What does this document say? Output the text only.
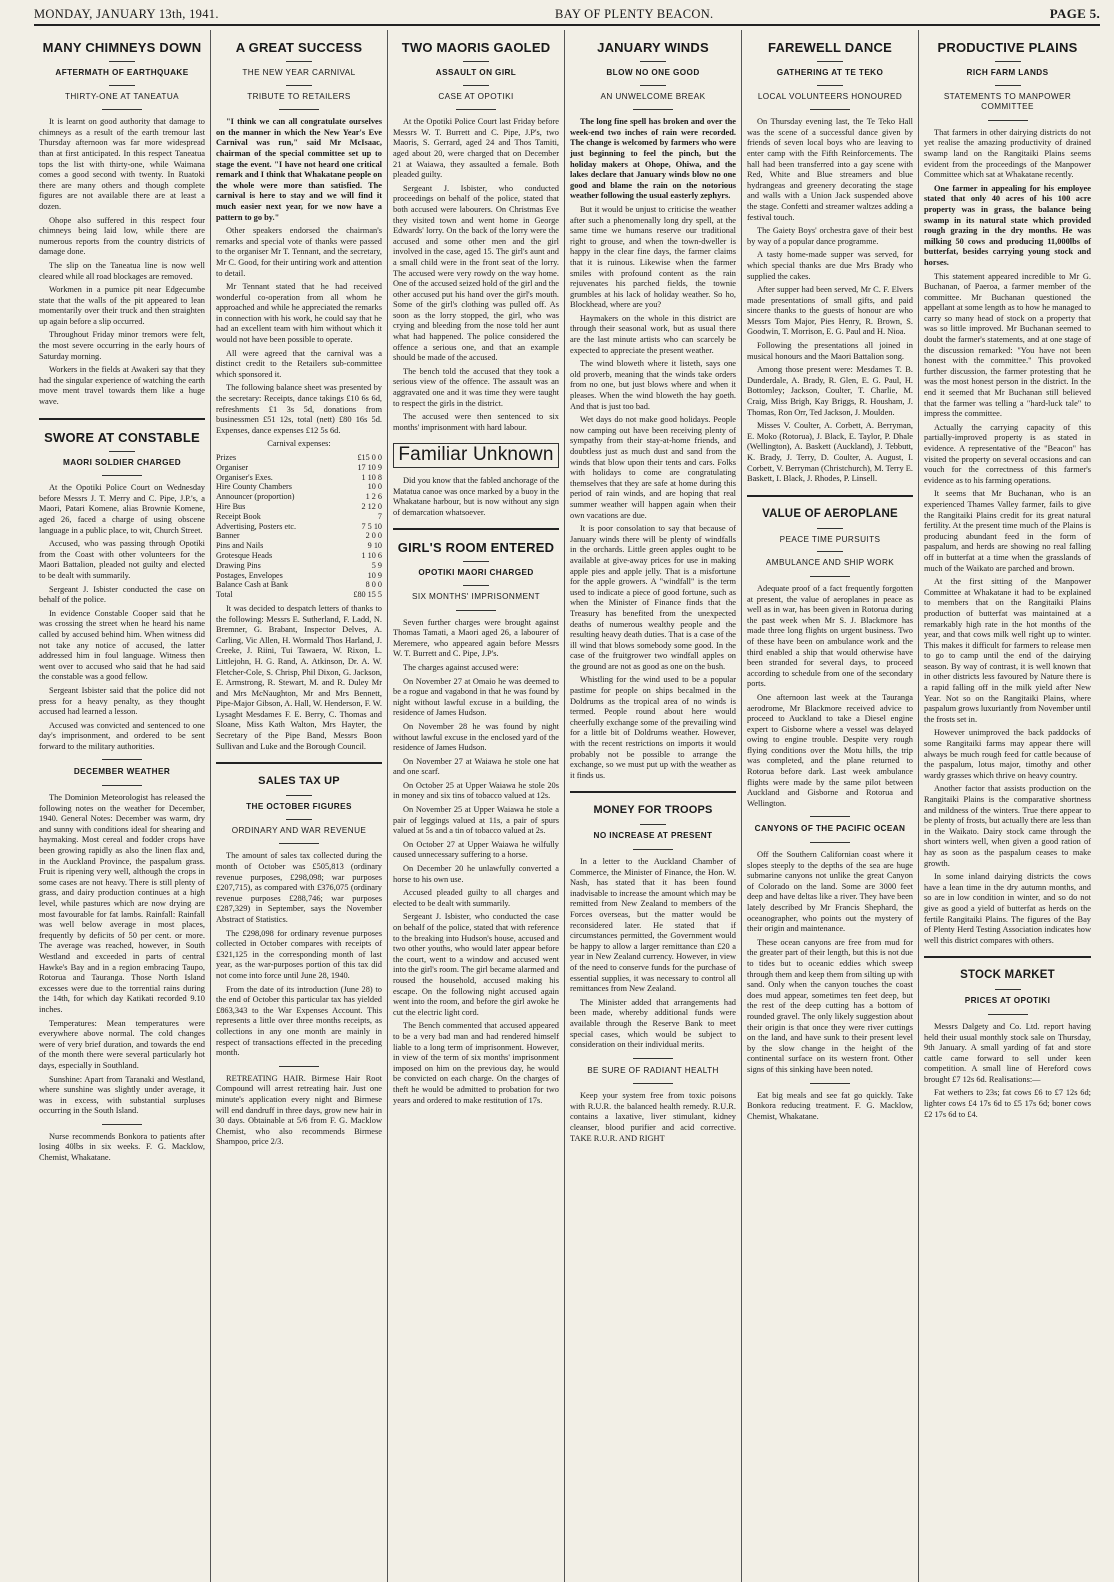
MONDAY, JANUARY 13th, 1941.	BAY OF PLENTY BEACON.	PAGE 5.
MANY CHIMNEYS DOWN
AFTERMATH OF EARTHQUAKE
THIRTY-ONE AT TANEATUA

It is learnt on good authority that damage to chimneys as a result of the earth tremour last Thursday afternoon was far more widespread than at first anticipated. In this respect Taneatua tops the list with thirty-one, while Waimana comes a good second with twenty. In Ruatoki there are many others and though complete figures are not available there are at least a dozen.

Ohope also suffered in this respect four chimneys being laid low, while there are numerous reports from the country districts of damage done.

The slip on the Taneatua line is now well cleared while all road blockages are removed.

Workmen in a pumice pit near Edgecumbe state that the walls of the pit appeared to lean momentarily over their truck and then straighten up again before a slip occurred.

Throughout Friday minor tremors were felt, the most severe occurring in the early hours of Saturday morning.

Workers in the fields at Awakeri say that they had the singular experience of watching the earth move ment travel towards them like a huge wave.

SWORE AT CONSTABLE
MAORI SOLDIER CHARGED

At the Opotiki Police Court on Wednesday before Messrs J. T. Merry and C. Pipe, J.P.'s, a Maori, Patari Komene, alias Brownie Komene, aged 26, faced a charge of using obscene language in a public place, to wit, Church Street.

Accused, who was passing through Opotiki from the Coast with other volunteers for the Maori Battalion, pleaded not guilty and elected to be dealt with summarily.

Sergeant J. Isbister conducted the case on behalf of the police.

In evidence Constable Cooper said that he was crossing the street when he heard his name called by accused behind him. When witness did not take any notice of accused, the latter addressed him in foul language. Witness then went over to accused who said that he had said the constable was a good fellow.

Sergeant Isbister said that the police did not press for a heavy penalty, as they thought accused had learned a lesson.

Accused was convicted and sentenced to one day's imprisonment, and ordered to be sent forward to the military authorities.

DECEMBER WEATHER

The Dominion Meteorologist has released the following notes on the weather for December, 1940. General Notes: December was warm, dry and sunny with conditions ideal for shearing and haymaking. Most cereal and fodder crops have been growing rapidly as also the linen flax and, in the Auckland Province, the paspalum grass. Fruit is ripening very well, although the crops in some cases are not heavy. There is still plenty of grass, and dairy production continues at a high level, while pastures which are now drying are most favourable for fat lambs. Rainfall: Rainfall was well below average in most places, frequently by deficits of 50 per cent. or more. The average was reached, however, in South Westland and exceeded in parts of central Hawke's Bay and in a region embracing Taupo, Rotorua and Tauranga. Those North Island excesses were due to the torrential rains during the 14th, for which day Katikati recorded 9.10 inches.

Temperatures: Mean temperatures were everywhere above normal. The cold changes were of very brief duration, and towards the end of the month there were several particularly hot days, especially in Southland.

Sunshine: Apart from Taranaki and Westland, where sunshine was slightly under average, it was in excess, with substantial surpluses occurring in the South Island.

Nurse recommends Bonkora to patients after losing 40lbs in six weeks. F. G. Macklow, Chemist, Whakatane.

A GREAT SUCCESS
THE NEW YEAR CARNIVAL
TRIBUTE TO RETAILERS

"I think we can all congratulate ourselves on the manner in which the New Year's Eve Carnival was run," said Mr McIsaac, chairman of the special committee set up to stage the event. "I have not heard one critical remark and I think that Whakatane people on the whole were more than satisfied. The carnival is here to stay and we will find it much easier next year, for we now have a pattern to go by."

Other speakers endorsed the chairman's remarks and special vote of thanks were passed to the organiser Mr T. Tennant, and the secretary, Mr C. Good, for their untiring work and attention to detail.

Mr Tennant stated that he had received wonderful co-operation from all whom he approached and while he appreciated the remarks in connection with his work, he could say that he had an excellent team with him without which it would not have been possible to operate.

All were agreed that the carnival was a distinct credit to the Retailers sub-committee which sponsored it.

The following balance sheet was presented by the secretary: Receipts, dance takings £10 6s 6d, refreshments £1 3s 5d, donations from businessmen £51 12s, total (nett) £80 16s 5d. Expenses, dance expenses £12 5s 6d.

Carnival expenses:

Prizes	£15 0 0
Organiser	17 10 9
Organiser's Exes.	1 10 8
Hire County Chambers	10 0
Announcer (proportion)	1 2 6
Hire Bus	2 12 0
Receipt Book	7
Advertising, Posters etc.	7 5 10
Banner	2 0 0
Pins and Nails	9 10
Grotesque Heads	1 10 6
Drawing Pins	5 9
Postages, Envelopes	10 9
Balance Cash at Bank	8 0 0
Total	£80 15 5

It was decided to despatch letters of thanks to the following: Messrs E. Sutherland, F. Ladd, N. Bremner, G. Brabant, Inspector Delves, A. Carling, Vic Allen, H. Wormald Thos Harland, J. Creeke, J. Riini, Tui Tawaera, W. Rixon, L. Littlejohn, H. G. Rand, A. Atkinson, Dr. A. W. Fletcher-Cole, S. Chrisp, Phil Dixon, G. Jackson, E. Armstrong, R. Stewart, M. and R. Duley Mr and Mrs McNaughton, Mr and Mrs Bennett, Pipe-Major Gibson, A. Hall, W. Henderson, F. W. Lysaght Mesdames F. E. Berry, C. Thomas and Sloane, Miss Kath Walton, Mrs Hayter, the Secretary of the Pipe Band, Messrs Boon Sullivan and Luke and the Borough Council.

SALES TAX UP
THE OCTOBER FIGURES
ORDINARY AND WAR REVENUE

The amount of sales tax collected during the month of October was £505,813 (ordinary revenue purposes, £298,098; war purposes £207,715), as compared with £376,075 (ordinary revenue purposes £288,746; war purposes £287,329) in September, says the November Abstract of Statistics.

The £298,098 for ordinary revenue purposes collected in October compares with receipts of £321,125 in the corresponding month of last year, as the war-purposes portion of this tax did not come into force until June 28, 1940.

From the date of its introduction (June 28) to the end of October this particular tax has yielded £863,343 to the War Expenses Account. This represents a little over three months receipts, as collections in any one month are mainly in respect of transactions effected in the preceding month.

RETREATING HAIR. Birmese Hair Root Compound will arrest retreating hair. Just one minute's application every night and Birmese will end dandruff in three days, grow new hair in 30 days. Obtainable at 5/6 from F. G. Macklow Chemist, who also recommends Birmese Shampoo, price 2/3.

TWO MAORIS GAOLED
ASSAULT ON GIRL
CASE AT OPOTIKI

At the Opotiki Police Court last Friday before Messrs W. T. Burrett and C. Pipe, J.P's, two Maoris, S. Gerrard, aged 24 and Thos Tamiti, aged about 20, were charged that on December 21 at Waiawa, they assaulted a female. Both pleaded guilty.

Sergeant J. Isbister, who conducted proceedings on behalf of the police, stated that both accused were labourers. On Christmas Eve they visited town and went home in George Edwards' lorry. On the back of the lorry were the accused and some other men and the girl involved in the case, aged 15. The girl's aunt and a small child were in the front seat of the lorry. The accused were very rowdy on the way home. One of the accused seized hold of the girl and the other accused put his hand over the girl's mouth. Some of the girl's clothing was pulled off. As soon as the lorry stopped, the girl, who was crying and bleeding from the nose told her aunt what had happened. The police considered the offence a serious one, and that an example should be made of the accused.

The bench told the accused that they took a serious view of the offence. The assault was an aggravated one and it was time they were taught to respect the girls in the district.

The accused were then sentenced to six months' imprisonment with hard labour.

Familiar Unknown

Did you know that the fabled anchorage of the Matatua canoe was once marked by a buoy in the Whakatane harbour, but is now without any sign of demarcation whatsoever.

GIRL'S ROOM ENTERED
OPOTIKI MAORI CHARGED
SIX MONTHS' IMPRISONMENT

Seven further charges were brought against Thomas Tamati, a Maori aged 26, a labourer of Meremere, who appeared again before Messrs W. T. Burrett and C. Pipe, J.P's.

The charges against accused were:

On November 27 at Omaio he was deemed to be a rogue and vagabond in that he was found by night without lawful excuse in a building, the residence of James Hudson.

On November 28 he was found by night without lawful excuse in the enclosed yard of the residence of James Hudson.

On November 27 at Waiawa he stole one hat and one scarf.

On October 25 at Upper Waiawa he stole 20s in money and six tins of tobacco valued at 12s.

On November 25 at Upper Waiawa he stole a pair of leggings valued at 11s, a pair of spurs valued at 5s and a tin of tobacco valued at 2s.

On October 27 at Upper Waiawa he wilfully caused unnecessary suffering to a horse.

On December 20 he unlawfully converted a horse to his own use.

Accused pleaded guilty to all charges and elected to be dealt with summarily.

Sergeant J. Isbister, who conducted the case on behalf of the police, stated that with reference to the breaking into Hudson's house, accused and two other youths, who would later appear before the court, went to a window and accused went into the girl's room. The girl became alarmed and roused the household, accused making his escape. On the following night accused again went into the room, and before the girl awoke he cut the electric light cord.

The Bench commented that accused appeared to be a very bad man and had rendered himself liable to a long term of imprisonment. However, in view of the term of six months' imprisonment imposed on him on the previous day, he would be convicted on each charge. On the charges of theft he would be admitted to probation for two years and ordered to make restitution of 17s.

JANUARY WINDS
BLOW NO ONE GOOD
AN UNWELCOME BREAK

The long fine spell has broken and over the week-end two inches of rain were recorded. The change is welcomed by farmers who were just beginning to feel the pinch, but the holiday makers at Ohope, Ohiwa, and the lakes declare that January winds blow no one good and blame the rain on the notorious weather following the usual easterly zephyrs.

But it would be unjust to criticise the weather after such a phenomenally long dry spell, at the same time we humans reserve our traditional right to grouse, and when the town-dweller is happy in the clear fine days, the farmer claims that it is ruinous. Likewise when the farmer smiles with profound content as the rain rejuvenates his parched fields, the townie grumbles at his lack of holiday weather. So ho, Blockhead, where are you?

Haymakers on the whole in this district are through their seasonal work, but as usual there are the last minute artists who can scarcely be expected to appreciate the present weather.

The wind bloweth where it listeth, says one old proverb, meaning that the winds take orders from no one, but just blows where and when it pleases. When the wind bloweth the hay goeth. And that is just too bad.

Wet days do not make good holidays. People now camping out have been receiving plenty of sympathy from their stay-at-home friends, and doubtless just as much dust and sand from the winds that blow upon their tents and cars. Folks with holidays to come are congratulating themselves that they are safe at home during this period of rain winds, and are hoping that real summer weather will happen again when their own vacations are due.

It is poor consolation to say that because of January winds there will be plenty of windfalls in the orchards. Little green apples ought to be available at give-away prices for use in making apple pies and apple jelly. That is a misfortune for the apple growers. A "windfall" is the term used to indicate a piece of good fortune, such as when the Minister of Finance finds that the Treasury has benefited from the unexpected deaths of numerous wealthy people and the resulting heavy death duties. That is a case of the ill wind that blows somebody some good. In the case of the fruitgrower two windfall apples on the ground are not as good as one on the bush.

Whistling for the wind used to be a popular pastime for people on ships becalmed in the Doldrums as the tropical area of no winds is termed. People round about here would cheerfully exchange some of the prevailing wind for a little bit of Doldrums weather. However, with the recent restrictions on imports it would probably not be possible to arrange the exchange, so we must put up with the weather as it finds us.

MONEY FOR TROOPS
NO INCREASE AT PRESENT

In a letter to the Auckland Chamber of Commerce, the Minister of Finance, the Hon. W. Nash, has stated that it has been found inadvisable to increase the amount which may be remitted from New Zealand to members of the Forces overseas, but the matter would be reconsidered later. He stated that if circumstances permitted, the Government would be happy to allow a larger remittance than £20 a year in New Zealand currency. However, in view of the need to conserve funds for the purchase of essential supplies, it was necessary to control all remittances from New Zealand.

The Minister added that arrangements had been made, whereby additional funds were available through the Reserve Bank to meet special cases, which would be subject to consideration on their individual merits.

BE SURE OF RADIANT HEALTH

Keep your system free from toxic poisons with R.U.R. the balanced health remedy. R.U.R. contains a laxative, liver stimulant, kidney cleanser, blood purifier and acid corrective. TAKE R.U.R. AND RIGHT

FAREWELL DANCE
GATHERING AT TE TEKO
LOCAL VOLUNTEERS HONOURED

On Thursday evening last, the Te Teko Hall was the scene of a successful dance given by friends of seven local boys who are leaving to enter camp with the Fifth Reinforcements. The hall had been transferred into a gay scene with Red, White and Blue streamers and blue hydrangeas and greenery decorating the stage and walls with a Union Jack suspended above the stage. Confetti and streamer waltzes adding a festival touch.

The Gaiety Boys' orchestra gave of their best by way of a popular dance programme.

A tasty home-made supper was served, for which special thanks are due Mrs Brady who supplied the cakes.

After supper had been served, Mr C. F. Elvers made presentations of small gifts, and paid sincere thanks to the guests of honour are who Messrs Tom Major, Pies Henry, R. Brown, S. Goodwin, T. Morrison, E. G. Paul and H. Nioa.

Following the presentations all joined in musical honours and the Maori Battalion song.

Among those present were: Mesdames T. B. Dunderdale, A. Brady, R. Glen, E. G. Paul, H. Bottomley; Jackson, Coulter, T. Charlie, M. Craig, Miss Brigh, Kay Briggs, R. Housham, J. Thomas, Ron Orr, Ted Jackson, J. Moulden.

Misses V. Coulter, A. Corbett, A. Berryman, E. Moko (Rotorua), J. Black, E. Taylor, P. Dhale (Wellington), A. Baskett (Auckland), J. Tebbutt, K. Brady, J. Terry, D. Coulter, A. August, I. Corbett, V. Berryman (Christchurch), M. Terry E. Baskett, I. Black, J. Rhodes, P. Linsell.

VALUE OF AEROPLANE
PEACE TIME PURSUITS
AMBULANCE AND SHIP WORK

Adequate proof of a fact frequently forgotten at present, the value of aeroplanes in peace as well as in war, has been given in Rotorua during the past week when Mr S. J. Blackmore has made three long flights on urgent business. Two of these have been on ambulance work and the third enabled a ship that would otherwise have been stranded for several days, to proceed according to schedule from one of the secondary ports.

One afternoon last week at the Tauranga aerodrome, Mr Blackmore received advice to proceed to Auckland to take a Diesel engine expert to Gisborne where a vessel was delayed owing to engine trouble. Despite very rough flying conditions over the Motu hills, the trip was completed, and the plane returned to Rotorua before dark. Last week ambulance flights were made by the same pilot between Auckland and Gisborne and Rotorua and Wellington.

CANYONS OF THE PACIFIC OCEAN

Off the Southern Californian coast where it slopes steeply to the depths of the sea are huge submarine canyons not unlike the great Canyon of Colorado on the land. Some are 3000 feet deep and have deltas like a river. They have been lately described by Mr Francis Shephard, the oceanographer, who points out the mystery of their origin and maintenance.

These ocean canyons are free from mud for the greater part of their length, but this is not due to tides but to oceanic eddies which sweep through them and keep them from silting up with sand. Only when the canyon touches the coast does mud appear, sometimes ten feet deep, but the rest of the deep cutting has a bottom of rounded gravel. The only likely suggestion about their origin is that once they were river cuttings on the land, and have sunk to their present level by the slow change in the height of the continental surface on its western front. Other signs of this sinking have been noted.

Eat big meals and see fat go quickly. Take Bonkora reducing treatment. F. G. Macklow, Chemist, Whakatane.

PRODUCTIVE PLAINS
RICH FARM LANDS
STATEMENTS TO MANPOWER COMMITTEE

That farmers in other dairying districts do not yet realise the amazing productivity of drained swamp land on the Rangitaiki Plains seems evident from the proceedings of the Manpower Committee which sat at Whakatane recently.

One farmer in appealing for his employee stated that only 40 acres of his 100 acre property was in grass, the balance being swamp in its natural state which provided rough grazing in the dry months. He was milking 50 cows and producing 11,000lbs of butterfat, besides carrying young stock and horses.

This statement appeared incredible to Mr G. Buchanan, of Paeroa, a farmer member of the committee. Mr Buchanan questioned the appellant at some length as to how he managed to carry so many head of stock on a property that was so little improved. Mr Buchanan seemed to doubt the farmer's statements, and at one stage of the discussion remarked: "You have not been honest with the committee." This provoked further discussion, the farmer protesting that he was the most honest person in the district. In the end it seemed that Mr Buchanan still believed that the farmer was telling a "hard-luck tale" to impress the committee.

Actually the carrying capacity of this partially-improved property is as stated in evidence. A representative of the "Beacon" has visited the property on several occasions and can vouch for the correctness of this farmer's evidence as to his farming operations.

It seems that Mr Buchanan, who is an experienced Thames Valley farmer, fails to give the Rangitaiki Plains credit for its great natural fertility. At the present time much of the Plains is producing abundant feed in the form of paspalum, and herds are showing no real falling off in butterfat at a time when the grasslands of much of the Waikato are parched and brown.

At the first sitting of the Manpower Committee at Whakatane it had to be explained to members that on the Rangitaiki Plains production of butterfat was maintained at a remarkably high rate in the hot months of the year, and that cows milk well right up to winter. This makes it difficult for farmers to release men to go to camp until the end of the dairying season. By way of contrast, it is well known that in other districts less favoured by Nature there is a rapid falling off in the milk yield after New Year. Not so on the Rangitaiki Plains, where paspalum grows luxuriantly from November until the frosts set in.

However unimproved the back paddocks of some Rangitaiki farms may appear there will always be much rough feed for cattle because of the paspalum, lotus major, timothy and other wardy grasses which thrive on heavy country.

Another factor that assists production on the Rangitaiki Plains is the comparative shortness and mildness of the winters. True there appear to be plenty of frosts, but actually there are less than in the Waikato. Dairy stock came through the short winters well, when given a good ration of hay as soon as the paspalum ceases to make growth.

In some inland dairying districts the cows have a lean time in the dry autumn months, and so are in low condition in winter, and so do not give as good a yield of butterfat as herds on the fertile Rangitaiki Plains. The figures of the Bay of Plenty Herd Testing Association indicates how well this district compares with others.

STOCK MARKET
PRICES AT OPOTIKI

Messrs Dalgety and Co. Ltd. report having held their usual monthly stock sale on Thursday, 9th January. A small yarding of fat and store cattle came forward to sell under keen competition. A small line of Hereford cows brought £7 12s 6d. Realisations:—

Fat wethers to 23s; fat cows £6 to £7 12s 6d; lighter cows £4 17s 6d to £5 17s 6d; boner cows £2 17s 6d to £4.
